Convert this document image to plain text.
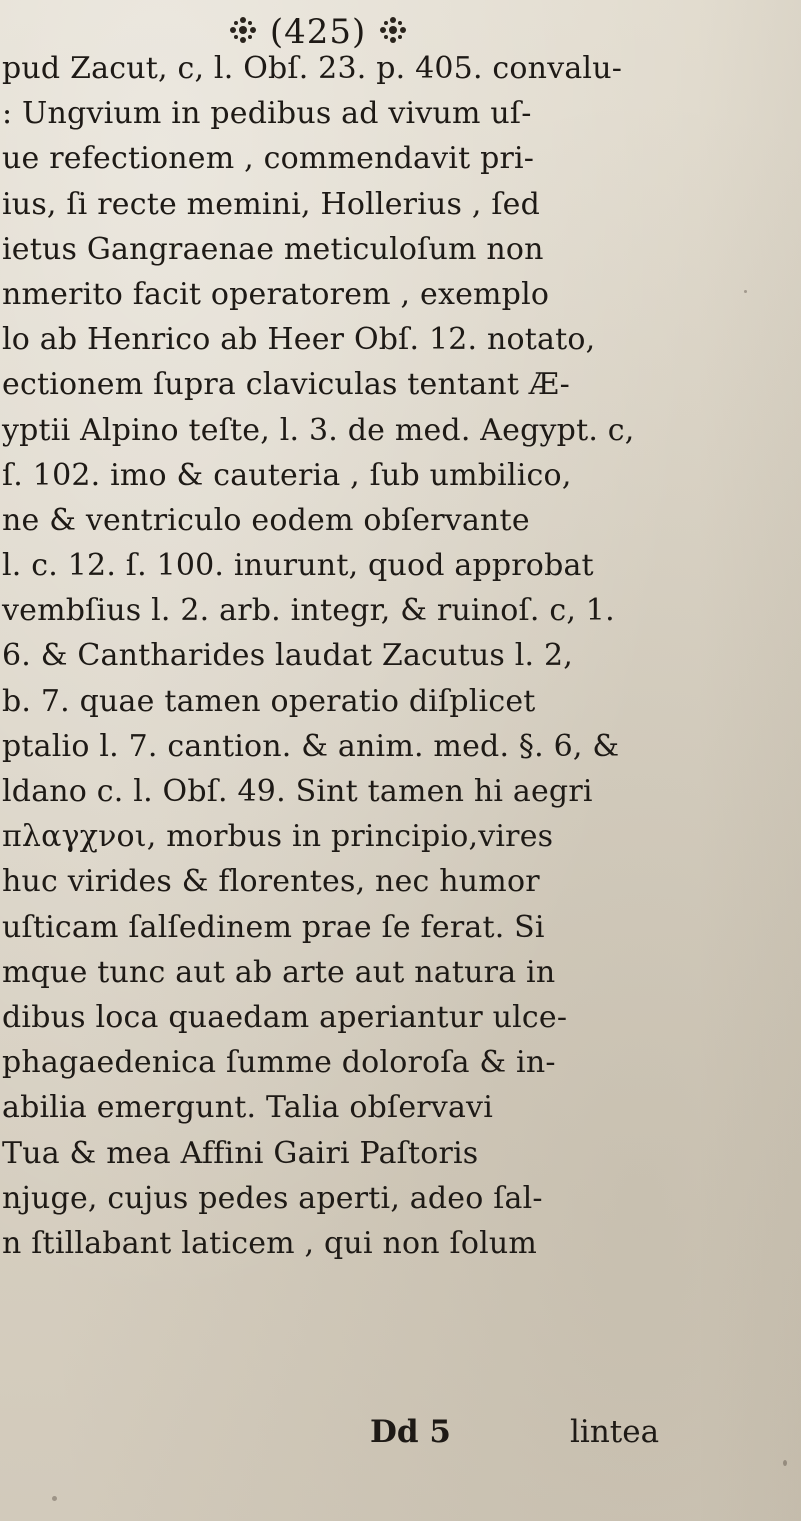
(425)
pud Zacut, c, l. Obſ. 23. p. 405. convalu-
: Ungvium in pedibus ad vivum uſ-
ue refectionem , commendavit pri-
ius, ſi recte memini, Hollerius , ſed
ietus Gangraenae meticuloſum non
nmerito facit operatorem , exemplo
lo ab Henrico ab Heer Obſ. 12. notato,
ectionem ſupra claviculas tentant Æ-
yptii Alpino teſte, l. 3. de med. Aegypt. c,
ſ. 102. imo & cauteria , ſub umbilico,
ne & ventriculo eodem obſervante
l. c. 12. ſ. 100. inurunt, quod approbat
vembſius l. 2. arb. integr, & ruinoſ. c, 1.
6. & Cantharides laudat Zacutus l. 2,
b. 7. quae tamen operatio diſplicet
ptalio l. 7. cantion. & anim. med. §. 6, &
ldano c. l. Obſ. 49. Sint tamen hi aegri
πλαγχνοι, morbus in principio,vires
huc virides & florentes, nec humor
uſticam ſalſedinem prae ſe ferat. Si
mque tunc aut ab arte aut natura in
dibus loca quaedam aperiantur ulce-
phagaedenica ſumme doloroſa & in-
abilia emergunt. Talia obſervavi
Tua & mea Affini Gairi Paſtoris
njuge, cujus pedes aperti, adeo ſal-
n ſtillabant laticem , qui non ſolum
Dd 5	lintea
